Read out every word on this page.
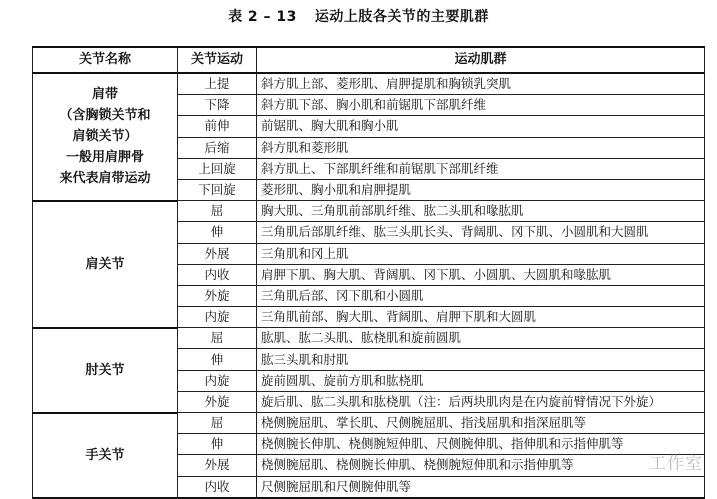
表 2 – 13 运动上肢各关节的主要肌群
关节名称	关节运动	运动肌群

肩带
（含胸锁关节和
肩锁关节）
一般用肩胛骨
来代表肩带运动	上提	斜方肌上部、菱形肌、肩胛提肌和胸锁乳突肌
	下降	斜方肌下部、胸小肌和前锯肌下部肌纤维
	前伸	前锯肌、胸大肌和胸小肌
	后缩	斜方肌和菱形肌
	上回旋	斜方肌上、下部肌纤维和前锯肌下部肌纤维
	下回旋	菱形肌、胸小肌和肩胛提肌

肩关节	屈	胸大肌、三角肌前部肌纤维、肱二头肌和喙肱肌
	伸	三角肌后部肌纤维、肱三头肌长头、背阔肌、冈下肌、小圆肌和大圆肌
	外展	三角肌和冈上肌
	内收	肩胛下肌、胸大肌、背阔肌、冈下肌、小圆肌、大圆肌和喙肱肌
	外旋	三角肌后部、冈下肌和小圆肌
	内旋	三角肌前部、胸大肌、背阔肌、肩胛下肌和大圆肌

肘关节	屈	肱肌、肱二头肌、肱桡肌和旋前圆肌
	伸	肱三头肌和肘肌
	内旋	旋前圆肌、旋前方肌和肱桡肌
	外旋	旋后肌、肱二头肌和肱桡肌（注：后两块肌肉是在内旋前臂情况下外旋）

手关节	屈	桡侧腕屈肌、掌长肌、尺侧腕屈肌、指浅屈肌和指深屈肌等
	伸	桡侧腕长伸肌、桡侧腕短伸肌、尺侧腕伸肌、指伸肌和示指伸肌等
	外展	桡侧腕屈肌、桡侧腕长伸肌、桡侧腕短伸肌和示指伸肌等
	内收	尺侧腕屈肌和尺侧腕伸肌等
工作室
